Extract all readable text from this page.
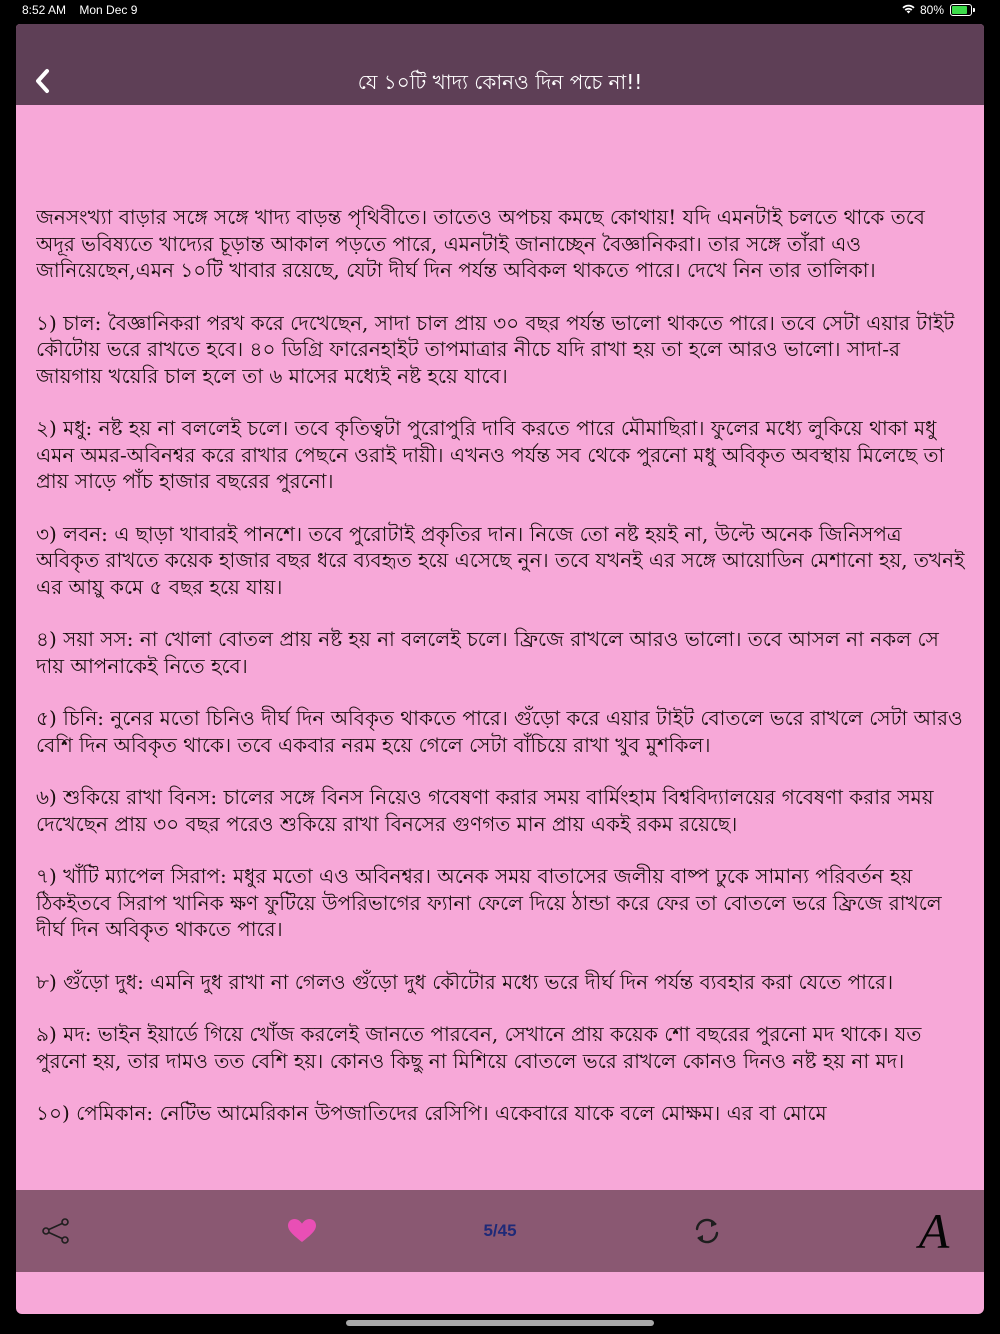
8:52 AM Mon Dec 9	80%
যে ১০টি খাদ্য কোনও দিন পচে না!!

জনসংখ্যা বাড়ার সঙ্গে সঙ্গে খাদ্য বাড়ন্ত পৃথিবীতে। তাতেও অপচয় কমছে কোথায়! যদি এমনটাই চলতে থাকে তবে অদূর ভবিষ্যতে খাদ্যের চূড়ান্ত আকাল পড়তে পারে, এমনটাই জানাচ্ছেন বৈজ্ঞানিকরা। তার সঙ্গে তাঁরা এও জানিয়েছেন,এমন ১০টি খাবার রয়েছে, যেটা দীর্ঘ দিন পর্যন্ত অবিকল থাকতে পারে। দেখে নিন তার তালিকা।

১) চাল: বৈজ্ঞানিকরা পরখ করে দেখেছেন, সাদা চাল প্রায় ৩০ বছর পর্যন্ত ভালো থাকতে পারে। তবে সেটা এয়ার টাইট কৌটোয় ভরে রাখতে হবে। ৪০ ডিগ্রি ফারেনহাইট তাপমাত্রার নীচে যদি রাখা হয় তা হলে আরও ভালো। সাদা-র জায়গায় খয়েরি চাল হলে তা ৬ মাসের মধ্যেই নষ্ট হয়ে যাবে।

২) মধু: নষ্ট হয় না বললেই চলে। তবে কৃতিত্বটা পুরোপুরি দাবি করতে পারে মৌমাছিরা। ফুলের মধ্যে লুকিয়ে থাকা মধু এমন অমর-অবিনশ্বর করে রাখার পেছনে ওরাই দায়ী। এখনও পর্যন্ত সব থেকে পুরনো মধু অবিকৃত অবস্থায় মিলেছে তা প্রায় সাড়ে পাঁচ হাজার বছরের পুরনো।

৩) লবন: এ ছাড়া খাবারই পানশে। তবে পুরোটাই প্রকৃতির দান। নিজে তো নষ্ট হয়ই না, উল্টে অনেক জিনিসপত্র অবিকৃত রাখতে কয়েক হাজার বছর ধরে ব্যবহৃত হয়ে এসেছে নুন। তবে যখনই এর সঙ্গে আয়োডিন মেশানো হয়, তখনই এর আয়ু কমে ৫ বছর হয়ে যায়।

৪) সয়া সস: না খোলা বোতল প্রায় নষ্ট হয় না বললেই চলে। ফ্রিজে রাখলে আরও ভালো। তবে আসল না নকল সে দায় আপনাকেই নিতে হবে।

৫) চিনি: নুনের মতো চিনিও দীর্ঘ দিন অবিকৃত থাকতে পারে। গুঁড়ো করে এয়ার টাইট বোতলে ভরে রাখলে সেটা আরও বেশি দিন অবিকৃত থাকে। তবে একবার নরম হয়ে গেলে সেটা বাঁচিয়ে রাখা খুব মুশকিল।

৬) শুকিয়ে রাখা বিনস: চালের সঙ্গে বিনস নিয়েও গবেষণা করার সময় বার্মিংহাম বিশ্ববিদ্যালয়ের গবেষণা করার সময় দেখেছেন প্রায় ৩০ বছর পরেও শুকিয়ে রাখা বিনসের গুণগত মান প্রায় একই রকম রয়েছে।

৭) খাঁটি ম্যাপেল সিরাপ: মধুর মতো এও অবিনশ্বর। অনেক সময় বাতাসের জলীয় বাষ্প ঢুকে সামান্য পরিবর্তন হয় ঠিকইতবে সিরাপ খানিক ক্ষণ ফুটিয়ে উপরিভাগের ফ্যানা ফেলে দিয়ে ঠান্ডা করে ফের তা বোতলে ভরে ফ্রিজে রাখলে দীর্ঘ দিন অবিকৃত থাকতে পারে।

৮) গুঁড়ো দুধ: এমনি দুধ রাখা না গেলও গুঁড়ো দুধ কৌটোর মধ্যে ভরে দীর্ঘ দিন পর্যন্ত ব্যবহার করা যেতে পারে।

৯) মদ: ভাইন ইয়ার্ডে গিয়ে খোঁজ করলেই জানতে পারবেন, সেখানে প্রায় কয়েক শো বছরের পুরনো মদ থাকে। যত পুরনো হয়, তার দামও তত বেশি হয়। কোনও কিছু না মিশিয়ে বোতলে ভরে রাখলে কোনও দিনও নষ্ট হয় না মদ।

১০) পেমিকান: নেটিভ আমেরিকান উপজাতিদের রেসিপি। একেবারে যাকে বলে মোক্ষম। এর বা মোমে

5/45	A
